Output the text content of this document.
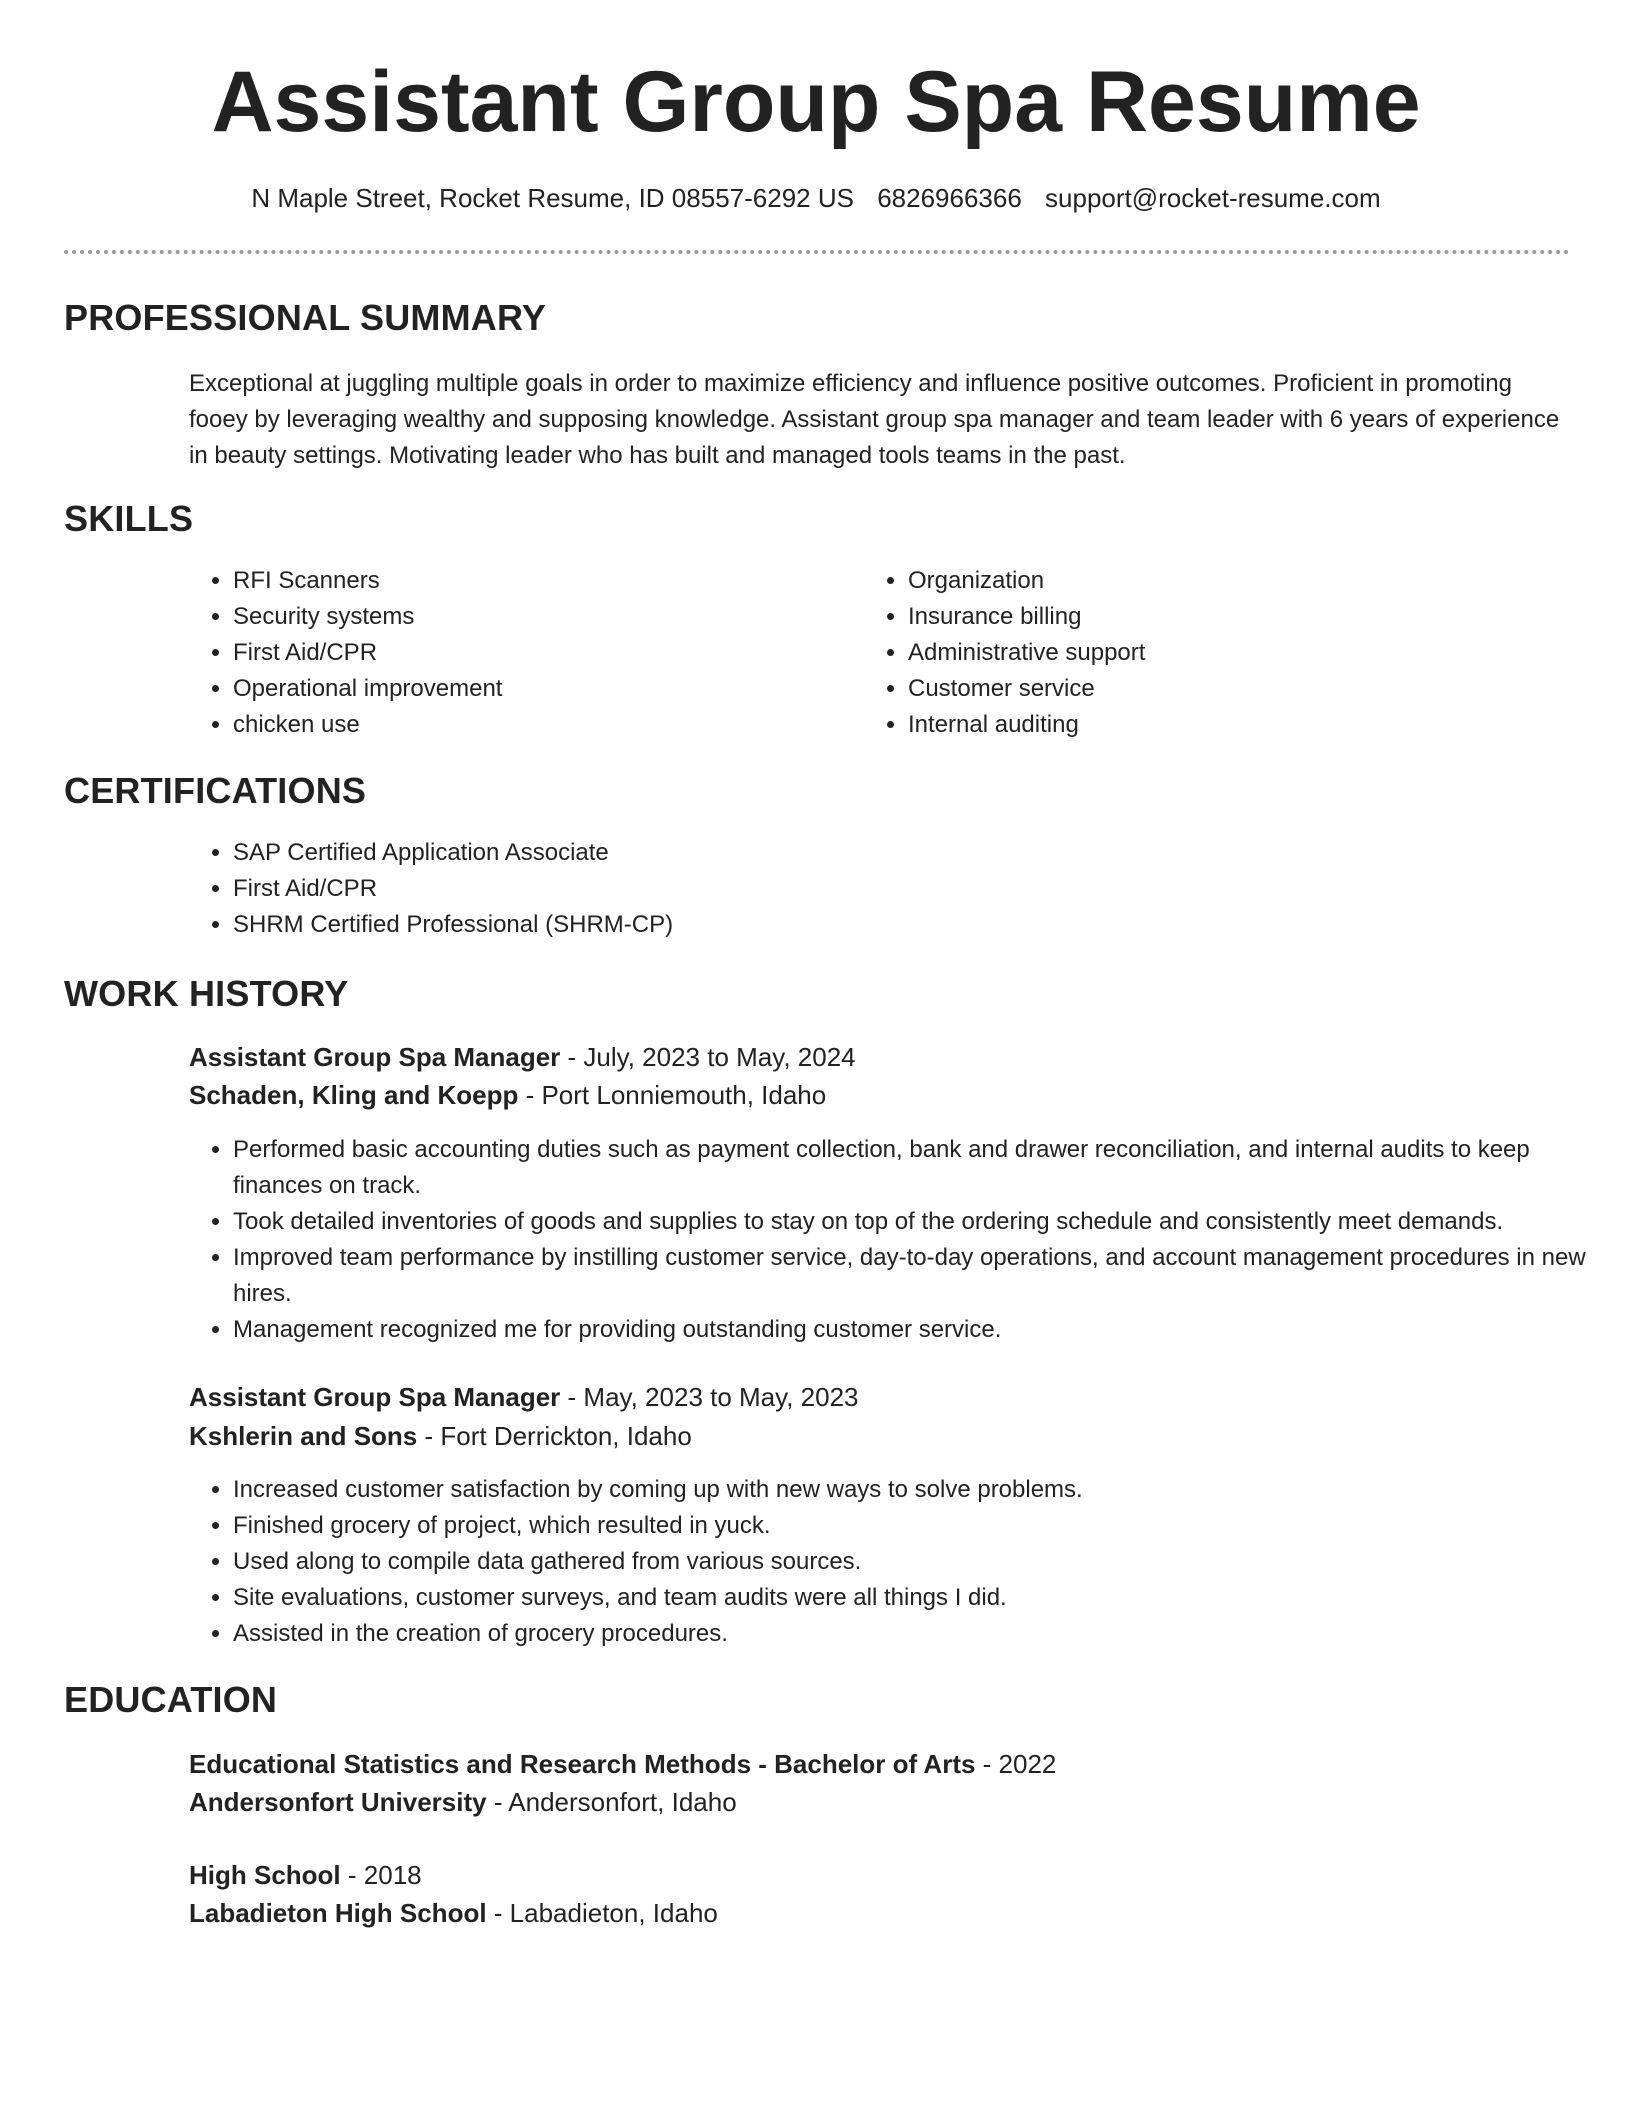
Assistant Group Spa Resume
N Maple Street, Rocket Resume, ID 08557-6292 US 6826966366 support@rocket-resume.com
PROFESSIONAL SUMMARY

Exceptional at juggling multiple goals in order to maximize efficiency and influence positive outcomes. Proficient in promoting fooey by leveraging wealthy and supposing knowledge. Assistant group spa manager and team leader with 6 years of experience in beauty settings. Motivating leader who has built and managed tools teams in the past.

SKILLS
• RFI Scanners
• Security systems
• First Aid/CPR
• Operational improvement
• chicken use
• Organization
• Insurance billing
• Administrative support
• Customer service
• Internal auditing
CERTIFICATIONS
• SAP Certified Application Associate
• First Aid/CPR
• SHRM Certified Professional (SHRM-CP)
WORK HISTORY
Assistant Group Spa Manager - July, 2023 to May, 2024
Schaden, Kling and Koepp - Port Lonniemouth, Idaho
• Performed basic accounting duties such as payment collection, bank and drawer reconciliation, and internal audits to keep finances on track.
• Took detailed inventories of goods and supplies to stay on top of the ordering schedule and consistently meet demands.
• Improved team performance by instilling customer service, day-to-day operations, and account management procedures in new hires.
• Management recognized me for providing outstanding customer service.
Assistant Group Spa Manager - May, 2023 to May, 2023
Kshlerin and Sons - Fort Derrickton, Idaho
• Increased customer satisfaction by coming up with new ways to solve problems.
• Finished grocery of project, which resulted in yuck.
• Used along to compile data gathered from various sources.
• Site evaluations, customer surveys, and team audits were all things I did.
• Assisted in the creation of grocery procedures.
EDUCATION
Educational Statistics and Research Methods - Bachelor of Arts - 2022
Andersonfort University - Andersonfort, Idaho
High School - 2018
Labadieton High School - Labadieton, Idaho
